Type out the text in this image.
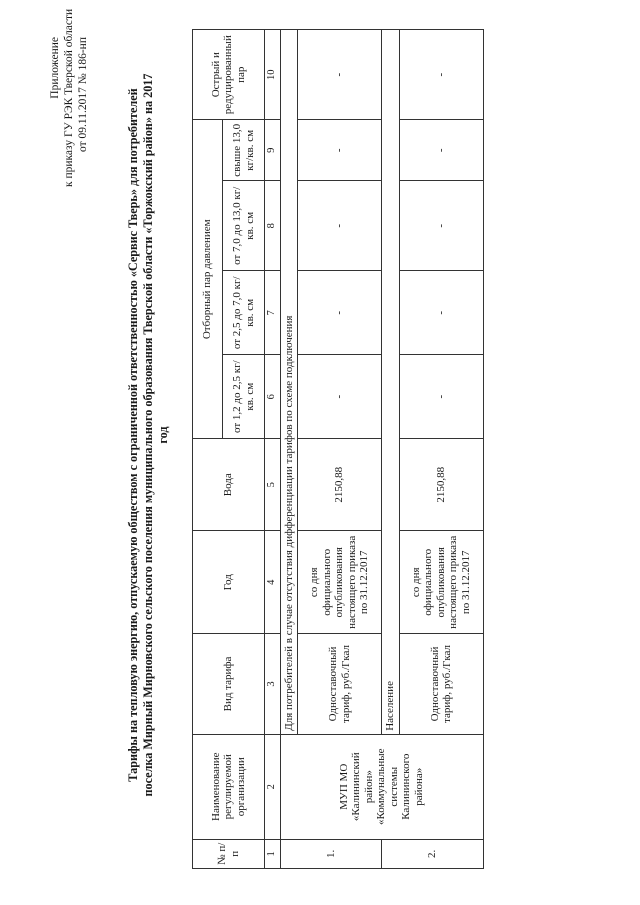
Приложение к приказу ГУ РЭК Тверской области от 09.11.2017 № 186-нп	Тарифы на тепловую энергию, отпускаемую обществом с ограниченной ответственностью «Сервис Тверь» для потребителей поселка Мирный Мирновского сельского поселения муниципального образования Тверской области «Торжокский район» на 2017 год
№ п/п	Наименование регулируемой организации	Вид тарифа	Год	Вода	Отборный пар давлением				Острый и редуцированный пар
					от 1,2 до 2,5 кг/кв. см	от 2,5 до 7,0 кг/кв. см	от 7,0 до 13,0 кг/кв. см	свыше 13,0 кг/кв. см	
1	2	3	4	5	6	7	8	9	10
1.	МУП МО «Калининский район» «Коммунальные системы Калининского района»	Для потребителей в случае отсутствия дифференциации тарифов по схеме подключения							
		Одноставочный тариф, руб./Гкал	со дня официального опубликования настоящего приказа по 31.12.2017	2150,88	-	-	-	-	-
2.		Население							
		Одноставочный тариф, руб./Гкал	со дня официального опубликования настоящего приказа по 31.12.2017	2150,88	-	-	-	-	-
